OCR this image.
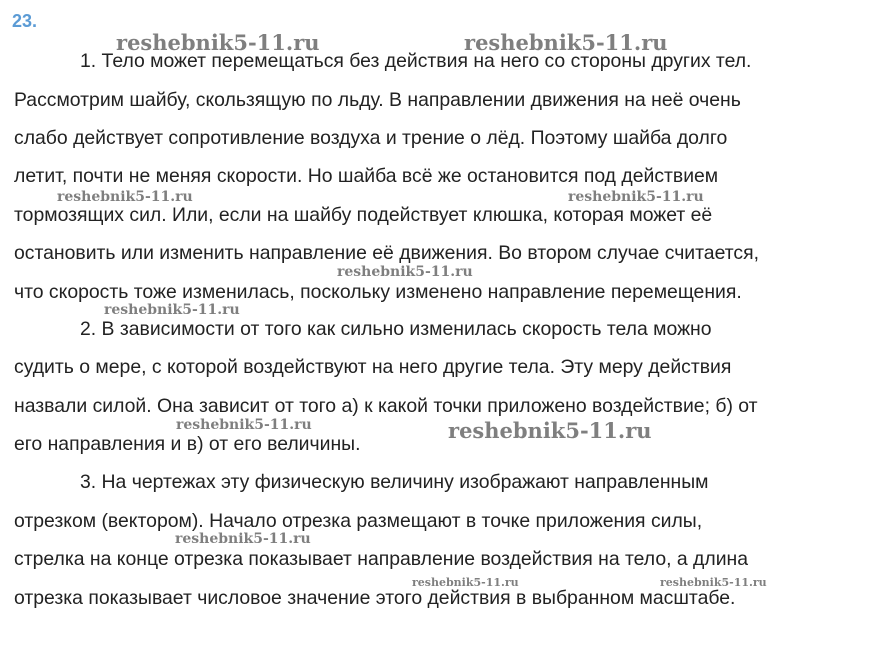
23.
1. Тело может перемещаться без действия на него со стороны других тел.
Рассмотрим шайбу, скользящую по льду. В направлении движения на неё очень
слабо действует сопротивление воздуха и трение о лёд. Поэтому шайба долго
летит, почти не меняя скорости. Но шайба всё же остановится под действием
тормозящих сил. Или, если на шайбу подействует клюшка, которая может её
остановить или изменить направление её движения. Во втором случае считается,
что скорость тоже изменилась, поскольку изменено направление перемещения.
2. В зависимости от того как сильно изменилась скорость тела можно
судить о мере, с которой воздействуют на него другие тела. Эту меру действия
назвали силой. Она зависит от того а) к какой точки приложено воздействие; б) от
его направления и в) от его величины.
3. На чертежах эту физическую величину изображают направленным
отрезком (вектором). Начало отрезка размещают в точке приложения силы,
стрелка на конце отрезка показывает направление воздействия на тело, а длина
отрезка показывает числовое значение этого действия в выбранном масштабе.
reshebnik5-11.ru	reshebnik5-11.ru
reshebnik5-11.ru	reshebnik5-11.ru
reshebnik5-11.ru
reshebnik5-11.ru
reshebnik5-11.ru	reshebnik5-11.ru
reshebnik5-11.ru
reshebnik5-11.ru	reshebnik5-11.ru
